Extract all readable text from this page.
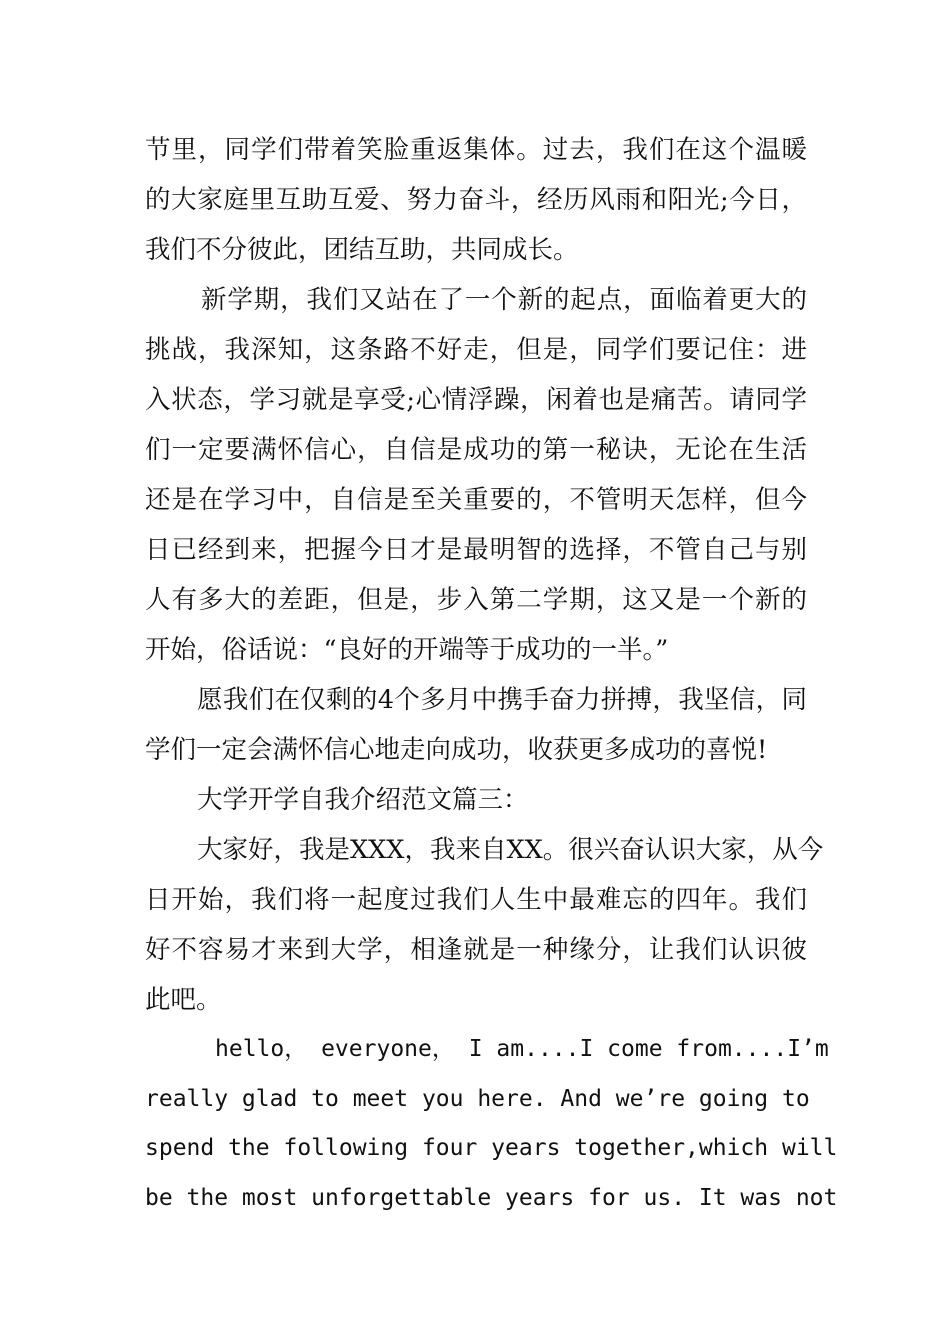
节里，同学们带着笑脸重返集体。过去，我们在这个温暖
的大家庭里互助互爱、努力奋斗，经历风雨和阳光;今日，
我们不分彼此，团结互助，共同成长。
新学期，我们又站在了一个新的起点，面临着更大的
挑战，我深知，这条路不好走，但是，同学们要记住：进
入状态，学习就是享受;心情浮躁，闲着也是痛苦。请同学
们一定要满怀信心，自信是成功的第一秘诀，无论在生活
还是在学习中，自信是至关重要的，不管明天怎样，但今
日已经到来，把握今日才是最明智的选择，不管自己与别
人有多大的差距，但是，步入第二学期，这又是一个新的
开始，俗话说：“良好的开端等于成功的一半。”
愿我们在仅剩的4个多月中携手奋力拼搏，我坚信，同
学们一定会满怀信心地走向成功，收获更多成功的喜悦!
大学开学自我介绍范文篇三：
大家好，我是XXX，我来自XX。很兴奋认识大家，从今
日开始，我们将一起度过我们人生中最难忘的四年。我们
好不容易才来到大学，相逢就是一种缘分，让我们认识彼
此吧。
hello， everyone， I am....I come from....I’m
really glad to meet you here. And we’re going to
spend the following four years together,which will
be the most unforgettable years for us. It was not
